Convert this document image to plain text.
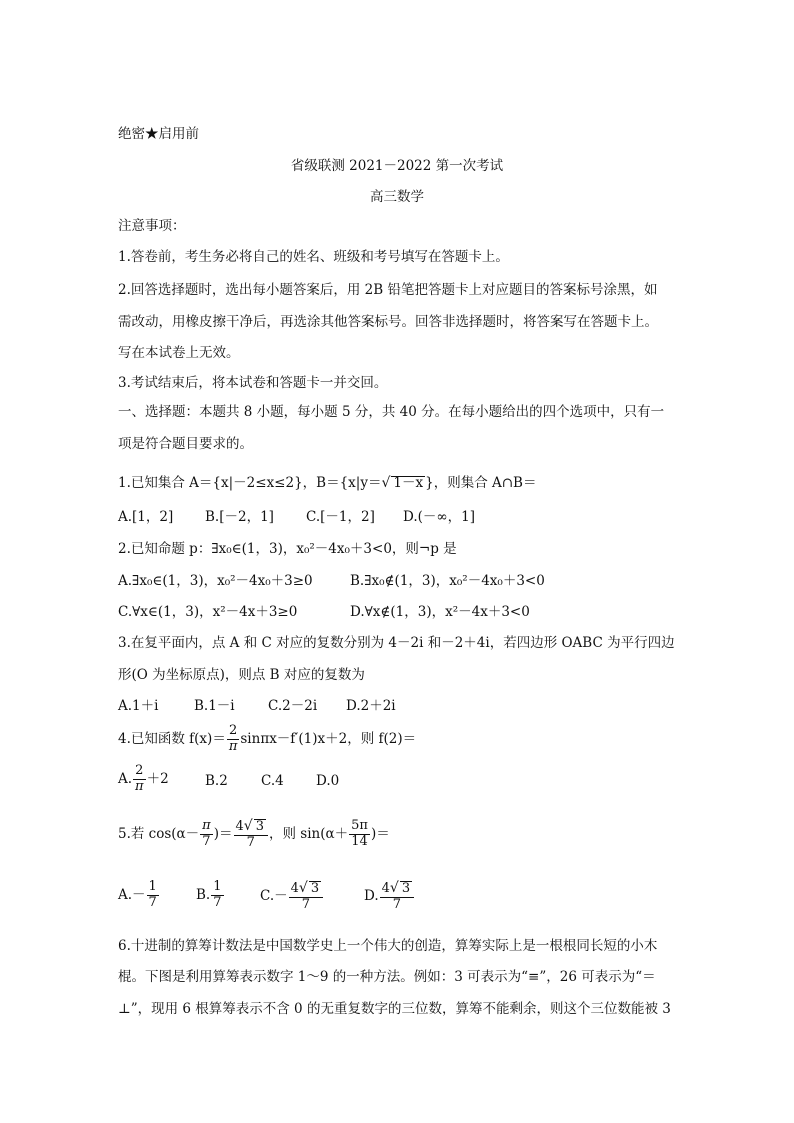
绝密★启用前
省级联测 2021－2022 第一次考试
高三数学
注意事项：
1.答卷前，考生务必将自己的姓名、班级和考号填写在答题卡上。
2.回答选择题时，选出每小题答案后，用 2B 铅笔把答题卡上对应题目的答案标号涂黑，如
需改动，用橡皮擦干净后，再选涂其他答案标号。回答非选择题时，将答案写在答题卡上。
写在本试卷上无效。
3.考试结束后，将本试卷和答题卡一并交回。
一、选择题：本题共 8 小题，每小题 5 分，共 40 分。在每小题给出的四个选项中，只有一
项是符合题目要求的。
1.已知集合 A＝{x|－2≤x≤2}，B＝{x|y＝√ 1－x }，则集合 A∩B＝
A.[1，2] B.[－2，1] C.[－1，2] D.(－∞，1]
2.已知命题 p：∃x₀∈(1，3)，x₀²－4x₀＋3<0，则¬p 是
A.∃x₀∈(1，3)，x₀²－4x₀＋3≥0	B.∃x₀∉(1，3)，x₀²－4x₀＋3<0
C.∀x∈(1，3)，x²－4x＋3≥0	D.∀x∉(1，3)，x²－4x＋3<0
3.在复平面内，点 A 和 C 对应的复数分别为 4－2i 和－2＋4i，若四边形 OABC 为平行四边
形(O 为坐标原点)，则点 B 对应的复数为
A.1＋i	B.1－i C.2－2i D.2＋2i
4.已知函数 $f(x)= \frac{2}{\pi} \sin\pi x-f'(1)x+2$，则 f(2)＝
A. $\frac{2}{\pi} +2$	B.2 C.4 D.0
5.若 $\cos(\alpha- \frac{\pi}{7}$ )＝ $\frac{4√ 3}{7}$ ，则 $\sin(\alpha+ \frac{5\pi}{14}$ )＝
$A.- \frac{1}{7}$	B. $\frac{1}{7}$	$C.- \frac{4√ 3}{7}$	D. $\frac{4√ 3}{7}$
6.十进制的算筹计数法是中国数学史上一个伟大的创造，算筹实际上是一根根同长短的小木
棍。下图是利用算筹表示数字 1～9 的一种方法。例如：3 可表示为“≡”，26 可表示为“＝
⊥”，现用 6 根算筹表示不含 0 的无重复数字的三位数，算筹不能剩余，则这个三位数能被 3
